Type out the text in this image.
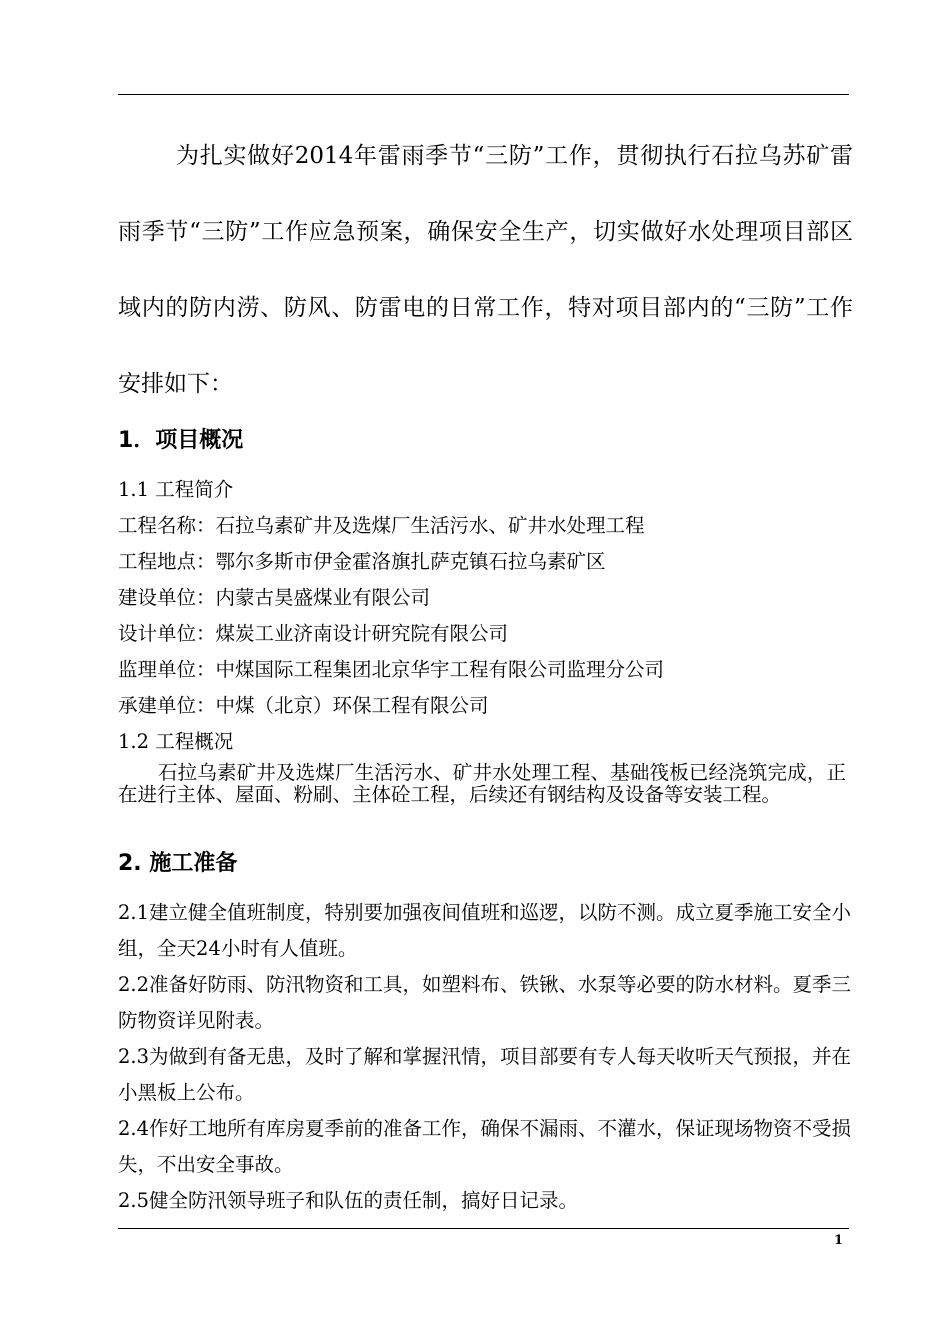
为扎实做好2014年雷雨季节“三防”工作，贯彻执行石拉乌苏矿雷雨季节“三防”工作应急预案，确保安全生产，切实做好水处理项目部区域内的防内涝、防风、防雷电的日常工作，特对项目部内的“三防”工作安排如下：

1．项目概况
1.1 工程简介
工程名称：石拉乌素矿井及选煤厂生活污水、矿井水处理工程
工程地点：鄂尔多斯市伊金霍洛旗扎萨克镇石拉乌素矿区
建设单位：内蒙古昊盛煤业有限公司
设计单位：煤炭工业济南设计研究院有限公司
监理单位：中煤国际工程集团北京华宇工程有限公司监理分公司
承建单位：中煤（北京）环保工程有限公司
1.2 工程概况

石拉乌素矿井及选煤厂生活污水、矿井水处理工程、基础筏板已经浇筑完成，正在进行主体、屋面、粉刷、主体砼工程，后续还有钢结构及设备等安装工程。

2. 施工准备
2.1建立健全值班制度，特别要加强夜间值班和巡逻，以防不测。成立夏季施工安全小组，全天24小时有人值班。
2.2准备好防雨、防汛物资和工具，如塑料布、铁锹、水泵等必要的防水材料。夏季三防物资详见附表。
2.3为做到有备无患，及时了解和掌握汛情，项目部要有专人每天收听天气预报，并在小黑板上公布。
2.4作好工地所有库房夏季前的准备工作，确保不漏雨、不灌水，保证现场物资不受损失，不出安全事故。
2.5健全防汛领导班子和队伍的责任制，搞好日记录。
1
